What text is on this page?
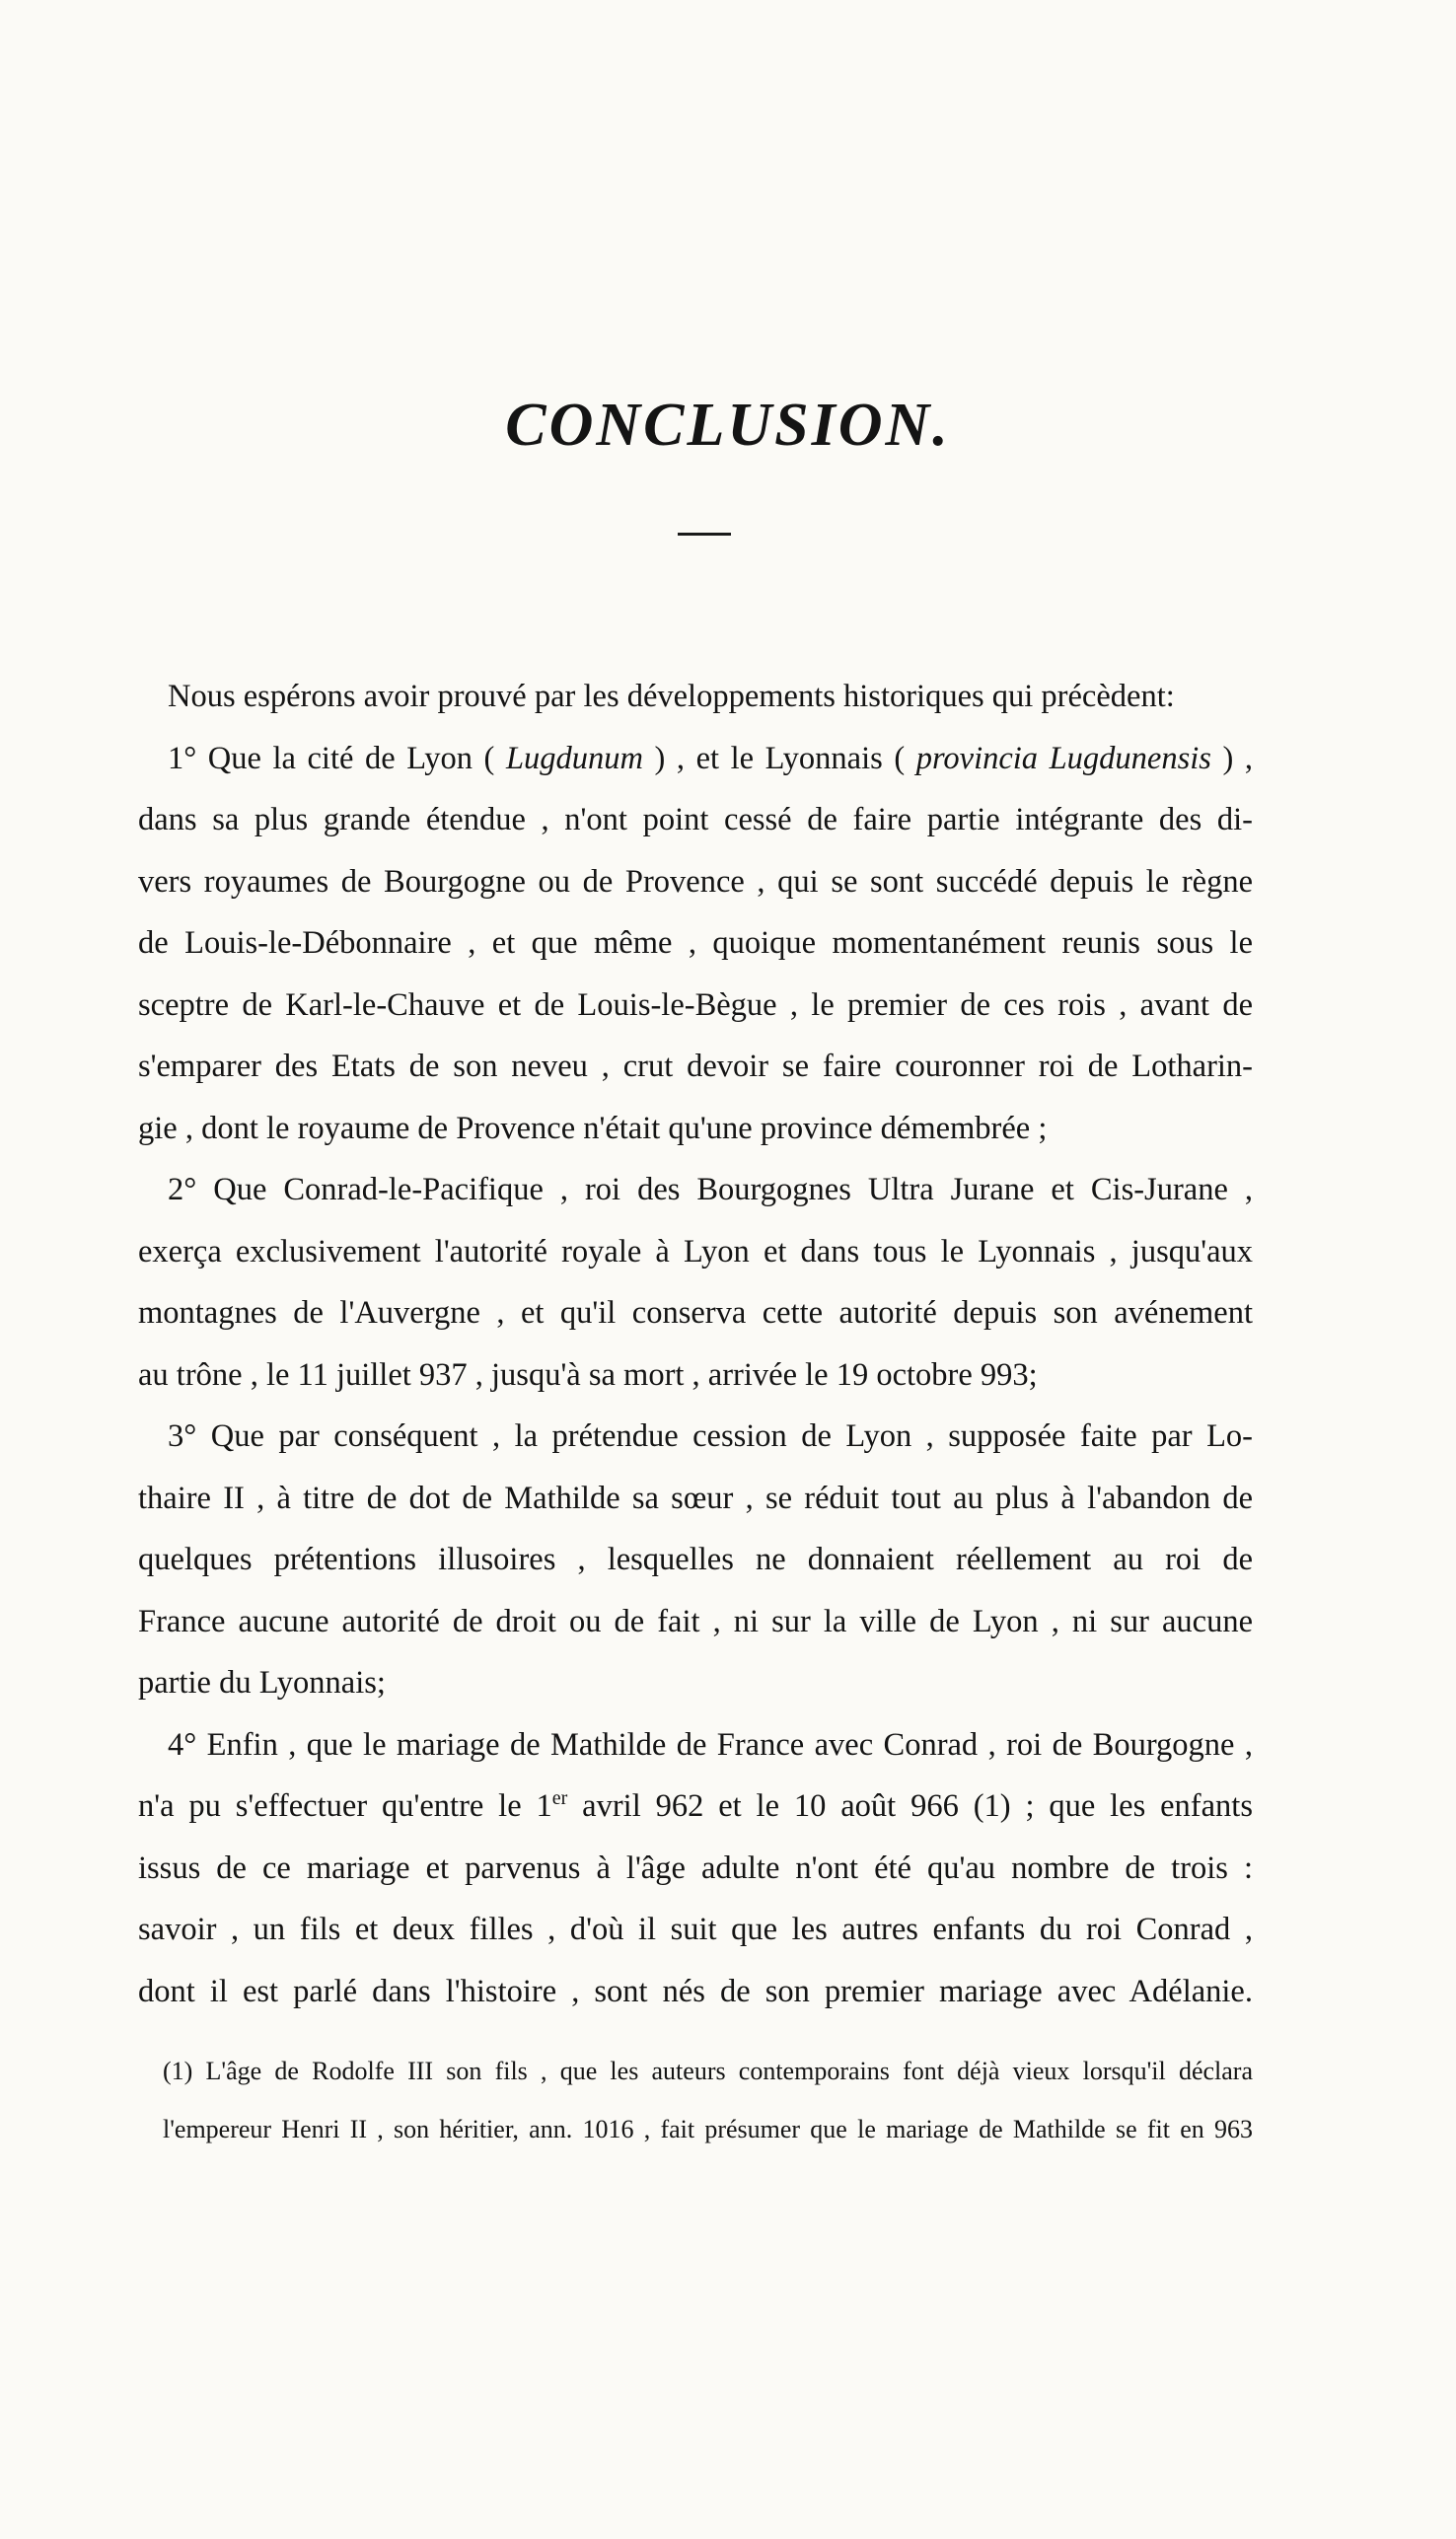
CONCLUSION.
Nous espérons avoir prouvé par les développements historiques qui précèdent:
1° Que la cité de Lyon ( Lugdunum ) , et le Lyonnais ( provincia Lugdunensis ) ,
dans sa plus grande étendue , n'ont point cessé de faire partie intégrante des di-
vers royaumes de Bourgogne ou de Provence , qui se sont succédé depuis le règne
de Louis-le-Débonnaire , et que même , quoique momentanément reunis sous le
sceptre de Karl-le-Chauve et de Louis-le-Bègue , le premier de ces rois , avant de
s'emparer des Etats de son neveu , crut devoir se faire couronner roi de Lotharin-
gie , dont le royaume de Provence n'était qu'une province démembrée ;
2° Que Conrad-le-Pacifique , roi des Bourgognes Ultra Jurane et Cis-Jurane ,
exerça exclusivement l'autorité royale à Lyon et dans tous le Lyonnais , jusqu'aux
montagnes de l'Auvergne , et qu'il conserva cette autorité depuis son avénement
au trône , le 11 juillet 937 , jusqu'à sa mort , arrivée le 19 octobre 993;
3° Que par conséquent , la prétendue cession de Lyon , supposée faite par Lo-
thaire II , à titre de dot de Mathilde sa sœur , se réduit tout au plus à l'abandon de
quelques prétentions illusoires , lesquelles ne donnaient réellement au roi de
France aucune autorité de droit ou de fait , ni sur la ville de Lyon , ni sur aucune
partie du Lyonnais;
4° Enfin , que le mariage de Mathilde de France avec Conrad , roi de Bourgogne ,
n'a pu s'effectuer qu'entre le 1er avril 962 et le 10 août 966 (1) ; que les enfants
issus de ce mariage et parvenus à l'âge adulte n'ont été qu'au nombre de trois :
savoir , un fils et deux filles , d'où il suit que les autres enfants du roi Conrad ,
dont il est parlé dans l'histoire , sont nés de son premier mariage avec Adélanie.
(1) L'âge de Rodolfe III son fils , que les auteurs contemporains font déjà vieux lorsqu'il déclara
l'empereur Henri II , son héritier, ann. 1016 , fait présumer que le mariage de Mathilde se fit en 963
